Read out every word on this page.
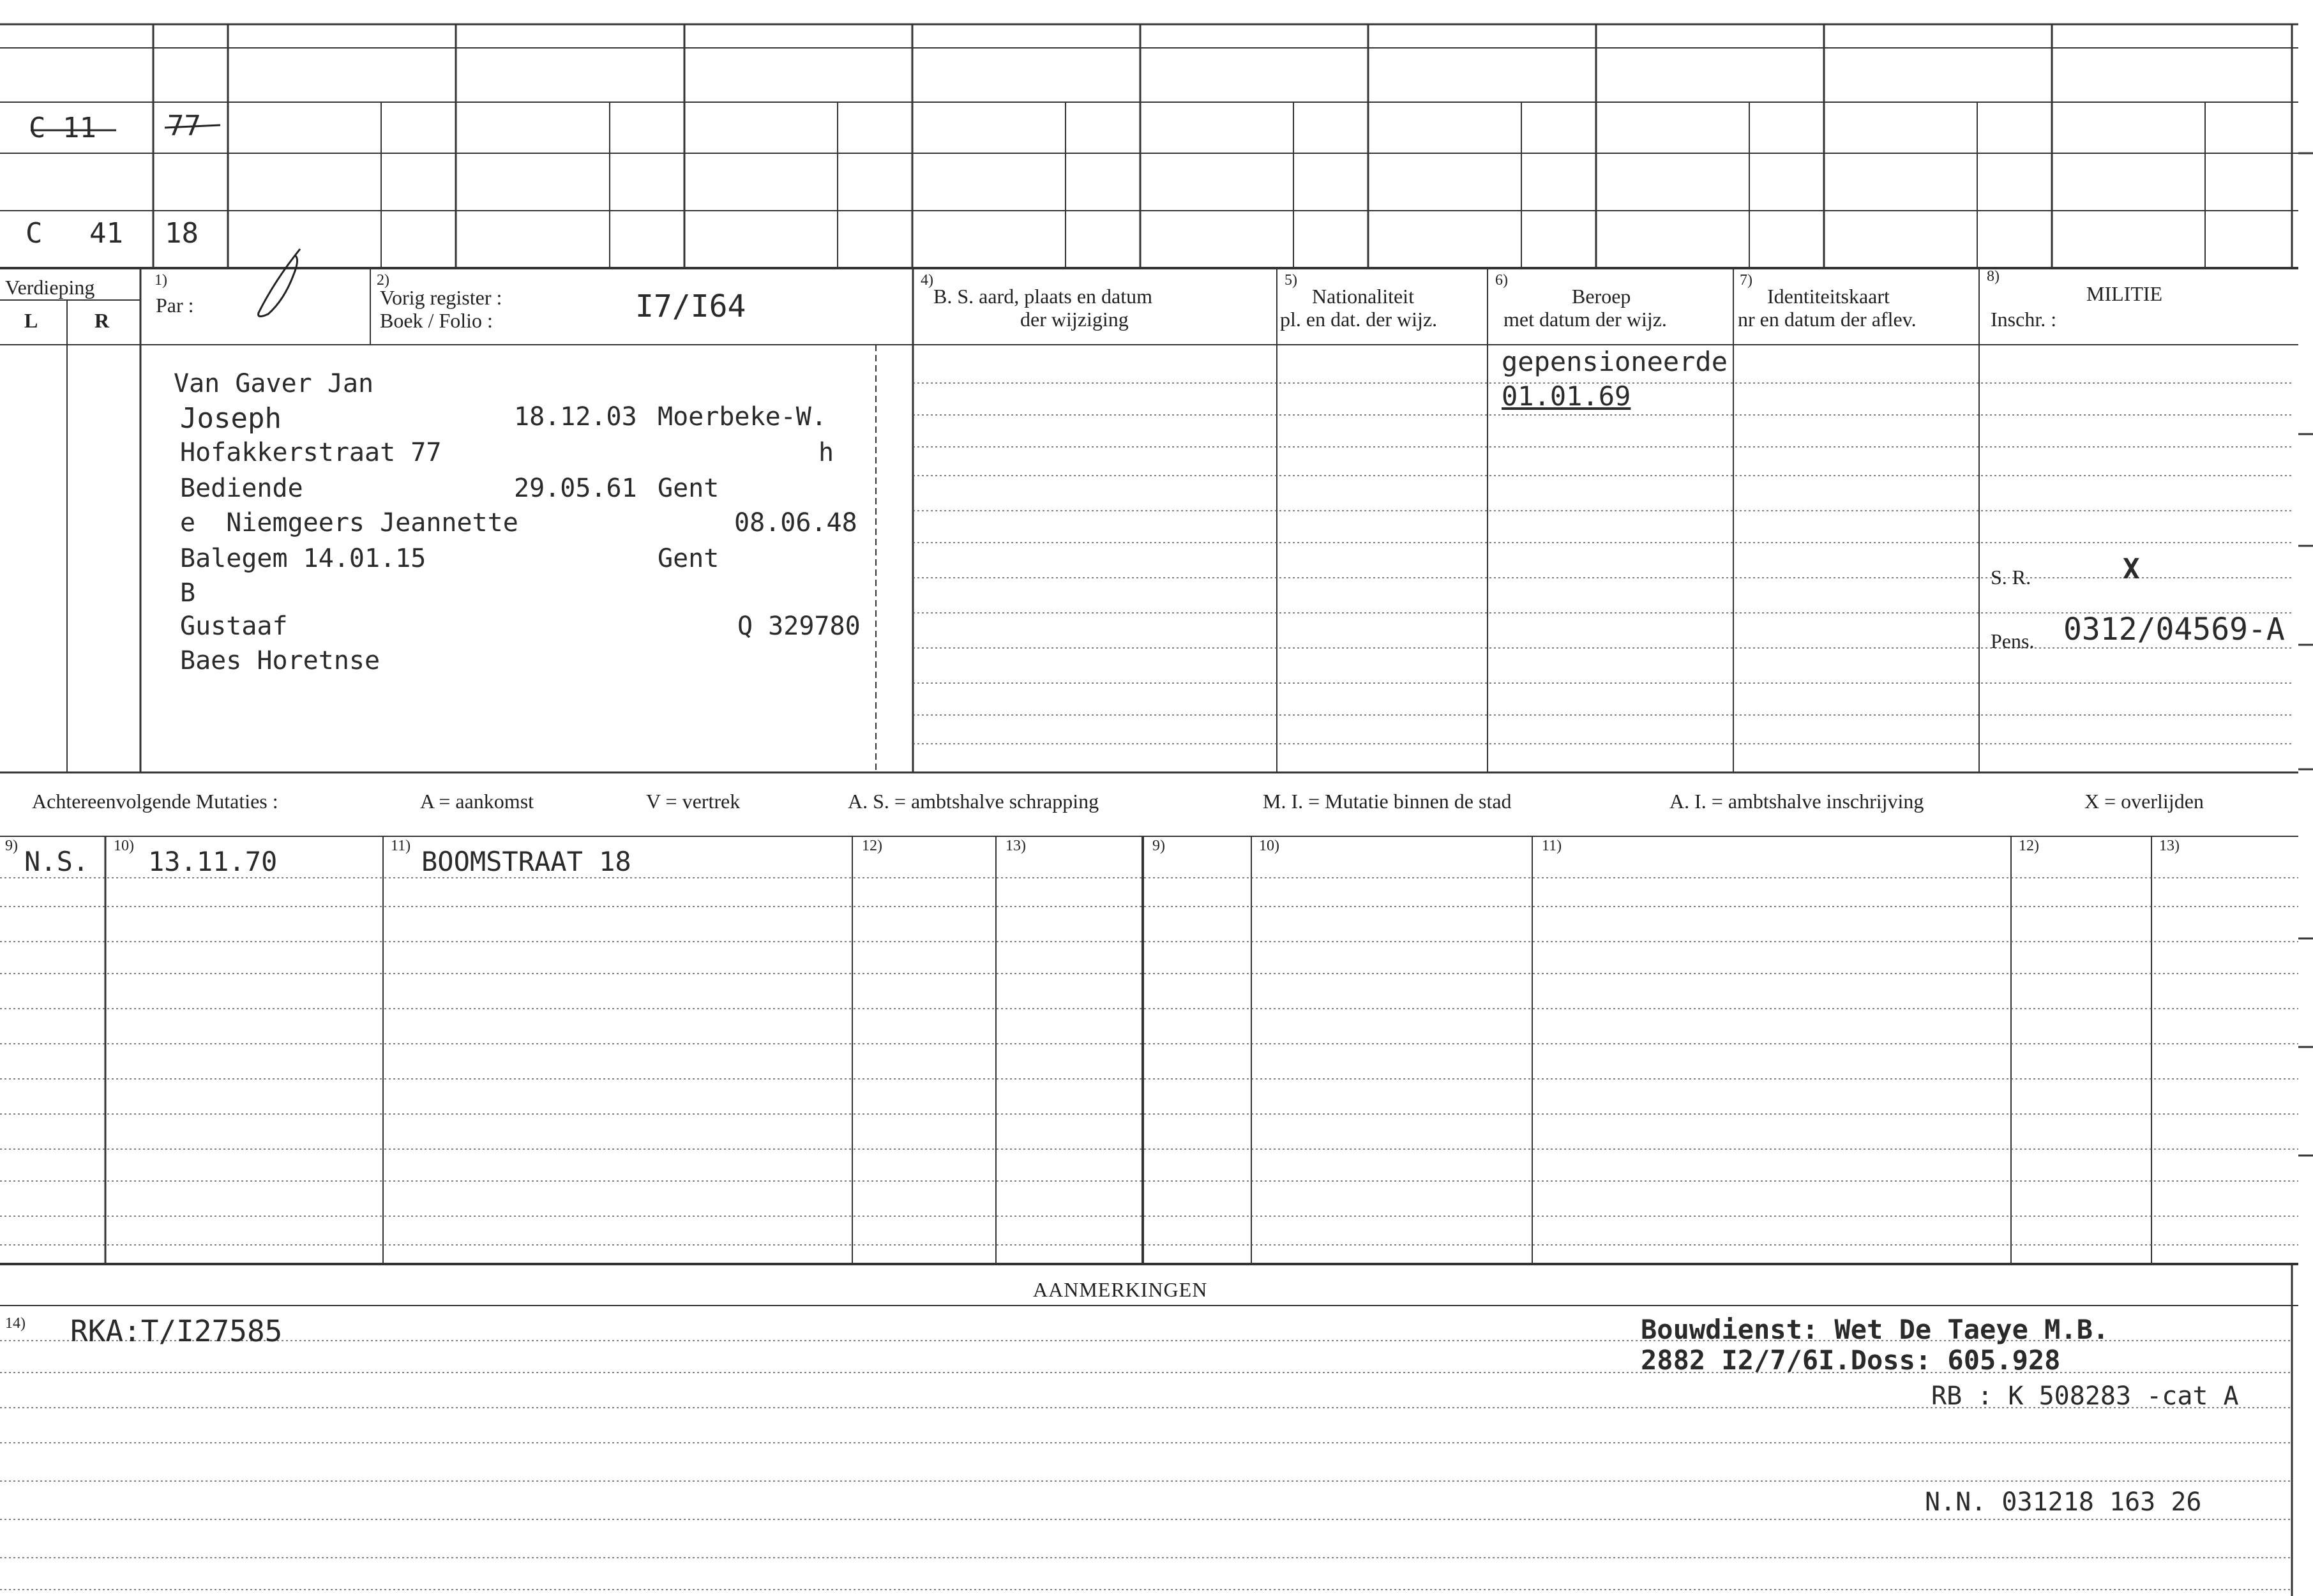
C 11	77
C 41 18
Verdieping
L	R
1)
Par :
2)
Vorig register :
Boek / Folio :	I7/I64
4)
B. S. aard, plaats en datum
der wijziging
5)
Nationaliteit
pl. en dat. der wijz.
6)
Beroep
met datum der wijz.
7)
Identiteitskaart
nr en datum der aflev.
8)
MILITIE
Inschr. :
Van Gaver Jan
Joseph	18.12.03 Moerbeke-W.
Hofakkerstraat 77	h
Bediende	29.05.61 Gent
e  Niemgeers Jeannette	08.06.48
Balegem 14.01.15	Gent
B
Gustaaf	Q 329780
Baes Horetnse
gepensioneerde
01.01.69
S. R.	X
Pens. 0312/04569-A
Achtereenvolgende Mutaties :	A = aankomst	V = vertrek	A. S. = ambtshalve schrapping	M. I. = Mutatie binnen de stad	A. I. = ambtshalve inschrijving	X = overlijden
9)	10)	11)	12)	13)	9)	10)	11)	12)	13)
N.S. 13.11.70	BOOMSTRAAT 18
AANMERKINGEN
14) RKA:T/I27585	Bouwdienst: Wet De Taeye M.B.
2882 I2/7/6I.Doss: 605.928
RB : K 508283 -cat A
N.N. 031218 163 26
